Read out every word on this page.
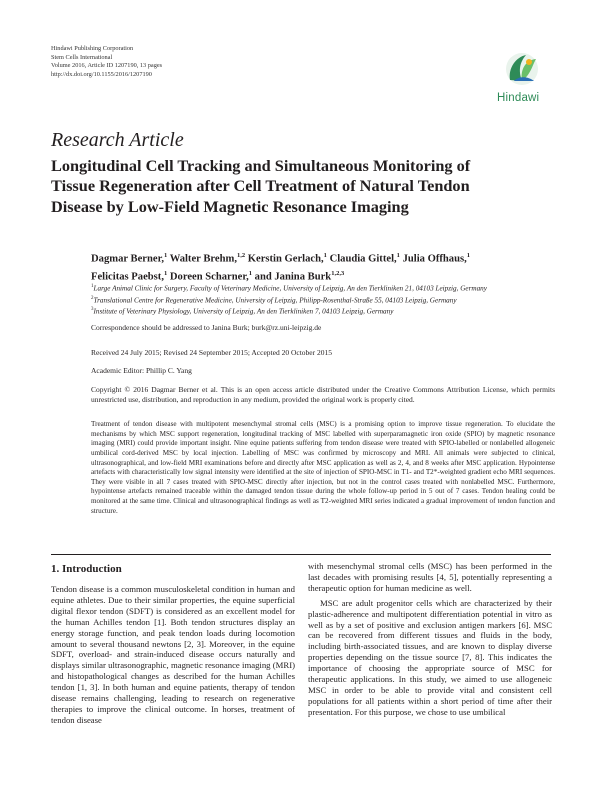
Hindawi Publishing Corporation
Stem Cells International
Volume 2016, Article ID 1207190, 13 pages
http://dx.doi.org/10.1155/2016/1207190
Hindawi
Research Article
Longitudinal Cell Tracking and Simultaneous Monitoring of
Tissue Regeneration after Cell Treatment of Natural Tendon
Disease by Low-Field Magnetic Resonance Imaging
Dagmar Berner,$^1$ Walter Brehm,$^{1,2}$ Kerstin Gerlach,$^1$ Claudia Gittel,$^1$ Julia Offhaus,$^1$
Felicitas Paebst,$^1$ Doreen Scharner,$^1$ and Janina Burk$^{1,2,3}$
$^1$Large Animal Clinic for Surgery, Faculty of Veterinary Medicine, University of Leipzig, An den Tierkliniken 21, 04103 Leipzig, Germany
$^2$Translational Centre for Regenerative Medicine, University of Leipzig, Philipp-Rosenthal-Straße 55, 04103 Leipzig, Germany
$^3$Institute of Veterinary Physiology, University of Leipzig, An den Tierkliniken 7, 04103 Leipzig, Germany
Correspondence should be addressed to Janina Burk; burk@rz.uni-leipzig.de
Received 24 July 2015; Revised 24 September 2015; Accepted 20 October 2015
Academic Editor: Phillip C. Yang
Copyright © 2016 Dagmar Berner et al. This is an open access article distributed under the Creative Commons Attribution License, which permits unrestricted use, distribution, and reproduction in any medium, provided the original work is properly cited.
Treatment of tendon disease with multipotent mesenchymal stromal cells (MSC) is a promising option to improve tissue regeneration. To elucidate the mechanisms by which MSC support regeneration, longitudinal tracking of MSC labelled with superparamagnetic iron oxide (SPIO) by magnetic resonance imaging (MRI) could provide important insight. Nine equine patients suffering from tendon disease were treated with SPIO-labelled or nonlabelled allogeneic umbilical cord-derived MSC by local injection. Labelling of MSC was confirmed by microscopy and MRI. All animals were subjected to clinical, ultrasonographical, and low-field MRI examinations before and directly after MSC application as well as 2, 4, and 8 weeks after MSC application. Hypointense artefacts with characteristically low signal intensity were identified at the site of injection of SPIO-MSC in T1- and T2*-weighted gradient echo MRI sequences. They were visible in all 7 cases treated with SPIO-MSC directly after injection, but not in the control cases treated with nonlabelled MSC. Furthermore, hypointense artefacts remained traceable within the damaged tendon tissue during the whole follow-up period in 5 out of 7 cases. Tendon healing could be monitored at the same time. Clinical and ultrasonographical findings as well as T2-weighted MRI series indicated a gradual improvement of tendon function and structure.
1. Introduction

Tendon disease is a common musculoskeletal condition in human and equine athletes. Due to their similar properties, the equine superficial digital flexor tendon (SDFT) is considered as an excellent model for the human Achilles tendon [1]. Both tendon structures display an energy storage function, and peak tendon loads during locomotion amount to several thousand newtons [2, 3]. Moreover, in the equine SDFT, overload- and strain-induced disease occurs naturally and displays similar ultrasonographic, magnetic resonance imaging (MRI) and histopathological changes as described for the human Achilles tendon [1, 3]. In both human and equine patients, therapy of tendon disease remains challenging, leading to research on regenerative therapies to improve the clinical outcome. In horses, treatment of tendon disease

with mesenchymal stromal cells (MSC) has been performed in the last decades with promising results [4, 5], potentially representing a therapeutic option for human medicine as well.

MSC are adult progenitor cells which are characterized by their plastic-adherence and multipotent differentiation potential in vitro as well as by a set of positive and exclusion antigen markers [6]. MSC can be recovered from different tissues and fluids in the body, including birth-associated tissues, and are known to display diverse properties depending on the tissue source [7, 8]. This indicates the importance of choosing the appropriate source of MSC for therapeutic applications. In this study, we aimed to use allogeneic MSC in order to be able to provide vital and consistent cell populations for all patients within a short period of time after their presentation. For this purpose, we chose to use umbilical
